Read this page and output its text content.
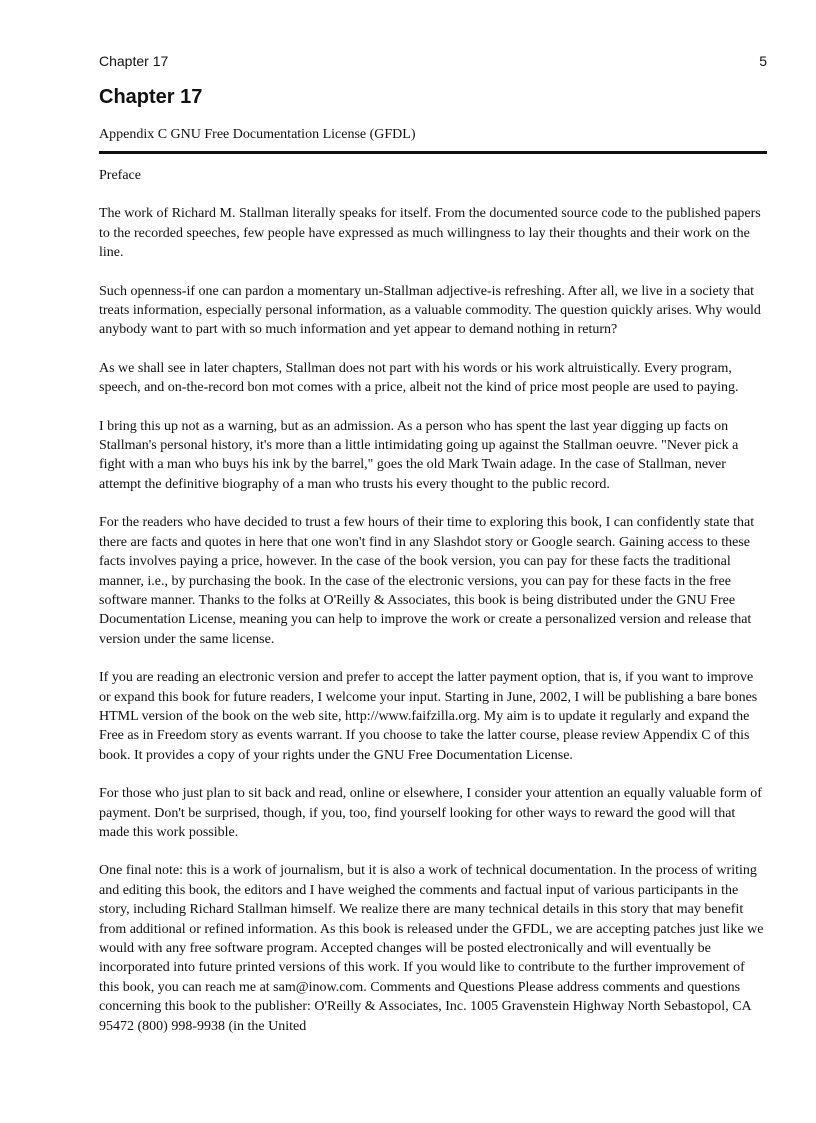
Chapter 17	5
Chapter 17
Appendix C GNU Free Documentation License (GFDL)

Preface

The work of Richard M. Stallman literally speaks for itself. From the documented source code to the published papers to the recorded speeches, few people have expressed as much willingness to lay their thoughts and their work on the line.

Such openness-if one can pardon a momentary un-Stallman adjective-is refreshing. After all, we live in a society that treats information, especially personal information, as a valuable commodity. The question quickly arises. Why would anybody want to part with so much information and yet appear to demand nothing in return?

As we shall see in later chapters, Stallman does not part with his words or his work altruistically. Every program, speech, and on-the-record bon mot comes with a price, albeit not the kind of price most people are used to paying.

I bring this up not as a warning, but as an admission. As a person who has spent the last year digging up facts on Stallman's personal history, it's more than a little intimidating going up against the Stallman oeuvre. "Never pick a fight with a man who buys his ink by the barrel," goes the old Mark Twain adage. In the case of Stallman, never attempt the definitive biography of a man who trusts his every thought to the public record.

For the readers who have decided to trust a few hours of their time to exploring this book, I can confidently state that there are facts and quotes in here that one won't find in any Slashdot story or Google search. Gaining access to these facts involves paying a price, however. In the case of the book version, you can pay for these facts the traditional manner, i.e., by purchasing the book. In the case of the electronic versions, you can pay for these facts in the free software manner. Thanks to the folks at O'Reilly & Associates, this book is being distributed under the GNU Free Documentation License, meaning you can help to improve the work or create a personalized version and release that version under the same license.

If you are reading an electronic version and prefer to accept the latter payment option, that is, if you want to improve or expand this book for future readers, I welcome your input. Starting in June, 2002, I will be publishing a bare bones HTML version of the book on the web site, http://www.faifzilla.org. My aim is to update it regularly and expand the Free as in Freedom story as events warrant. If you choose to take the latter course, please review Appendix C of this book. It provides a copy of your rights under the GNU Free Documentation License.

For those who just plan to sit back and read, online or elsewhere, I consider your attention an equally valuable form of payment. Don't be surprised, though, if you, too, find yourself looking for other ways to reward the good will that made this work possible.

One final note: this is a work of journalism, but it is also a work of technical documentation. In the process of writing and editing this book, the editors and I have weighed the comments and factual input of various participants in the story, including Richard Stallman himself. We realize there are many technical details in this story that may benefit from additional or refined information. As this book is released under the GFDL, we are accepting patches just like we would with any free software program. Accepted changes will be posted electronically and will eventually be incorporated into future printed versions of this work. If you would like to contribute to the further improvement of this book, you can reach me at sam@inow.com. Comments and Questions Please address comments and questions concerning this book to the publisher: O'Reilly & Associates, Inc. 1005 Gravenstein Highway North Sebastopol, CA 95472 (800) 998-9938 (in the United
